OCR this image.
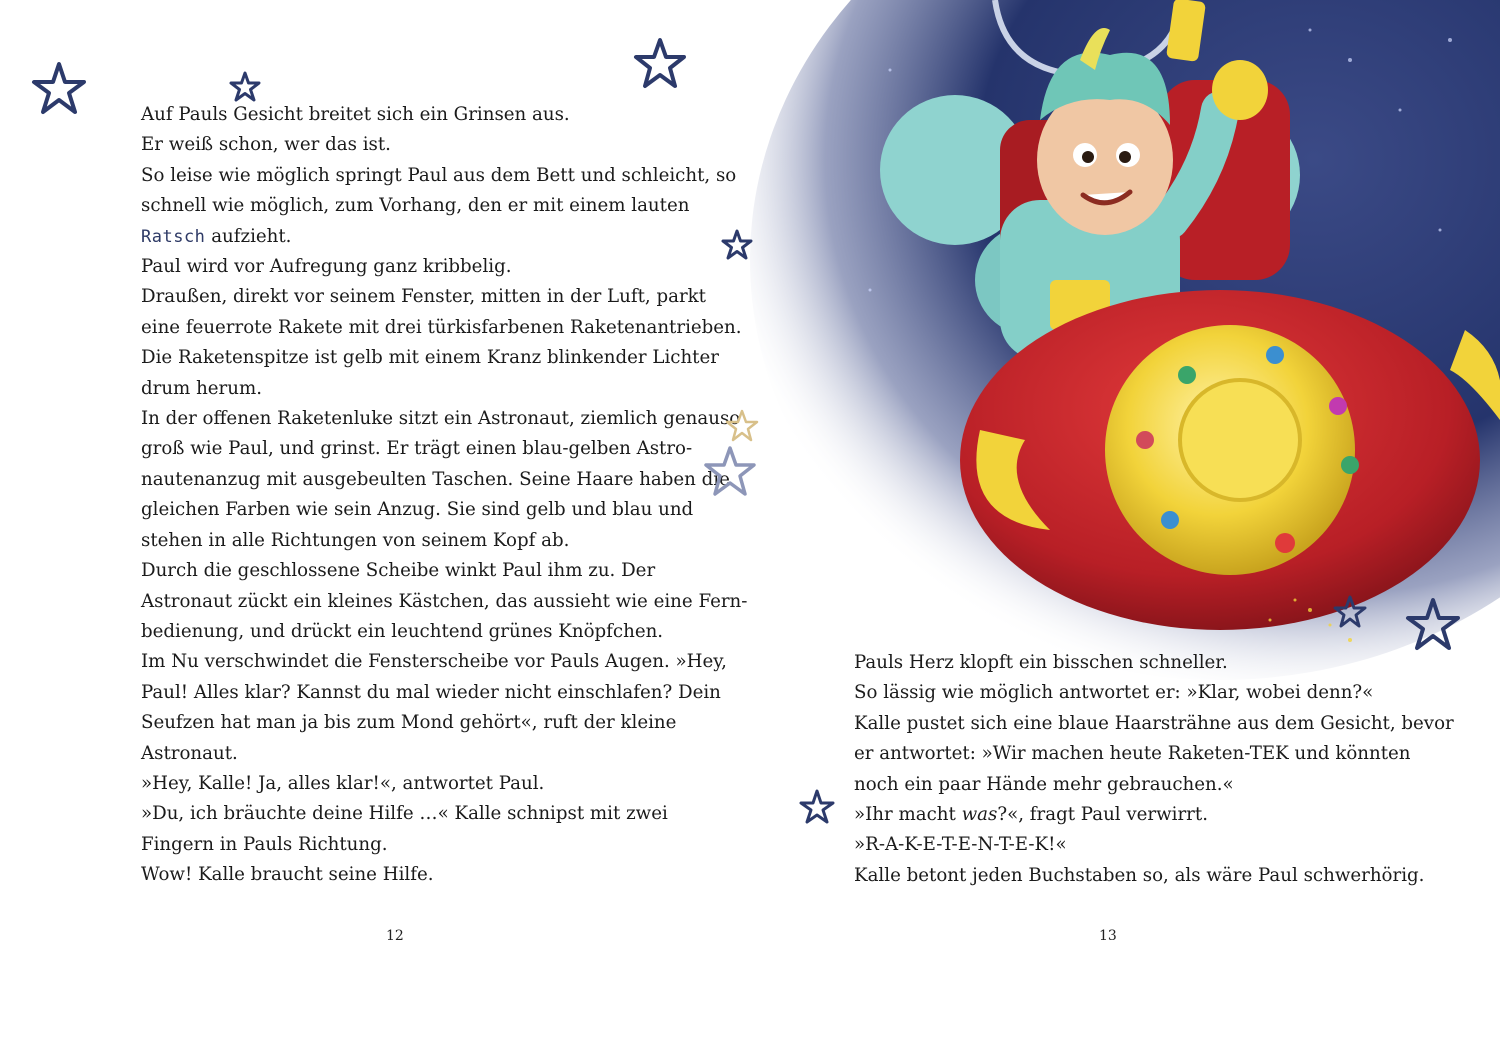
Auf Pauls Gesicht breitet sich ein Grinsen aus.
Er weiß schon, wer das ist.
So leise wie möglich springt Paul aus dem Bett und schleicht, so
schnell wie möglich, zum Vorhang, den er mit einem lauten
Ratsch aufzieht.
Paul wird vor Aufregung ganz kribbelig.
Draußen, direkt vor seinem Fenster, mitten in der Luft, parkt
eine feuerrote Rakete mit drei türkisfarbenen Raketenantrieben.
Die Raketenspitze ist gelb mit einem Kranz blinkender Lichter
drum herum.
In der offenen Raketenluke sitzt ein Astronaut, ziemlich genauso
groß wie Paul, und grinst. Er trägt einen blau-gelben Astro-
nautenanzug mit ausgebeulten Taschen. Seine Haare haben die
gleichen Farben wie sein Anzug. Sie sind gelb und blau und
stehen in alle Richtungen von seinem Kopf ab.
Durch die geschlossene Scheibe winkt Paul ihm zu. Der
Astronaut zückt ein kleines Kästchen, das aussieht wie eine Fern-
bedienung, und drückt ein leuchtend grünes Knöpfchen.
Im Nu verschwindet die Fensterscheibe vor Pauls Augen. »Hey,
Paul! Alles klar? Kannst du mal wieder nicht einschlafen? Dein
Seufzen hat man ja bis zum Mond gehört«, ruft der kleine
Astronaut.
»Hey, Kalle! Ja, alles klar!«, antwortet Paul.
»Du, ich bräuchte deine Hilfe …« Kalle schnipst mit zwei
Fingern in Pauls Richtung.
Wow! Kalle braucht seine Hilfe.
12
Pauls Herz klopft ein bisschen schneller.
So lässig wie möglich antwortet er: »Klar, wobei denn?«
Kalle pustet sich eine blaue Haarsträhne aus dem Gesicht, bevor
er antwortet: »Wir machen heute Raketen-TEK und könnten
noch ein paar Hände mehr gebrauchen.«
»Ihr macht was?«, fragt Paul verwirrt.
»R-A-K-E-T-E-N-T-E-K!«
Kalle betont jeden Buchstaben so, als wäre Paul schwerhörig.
13
